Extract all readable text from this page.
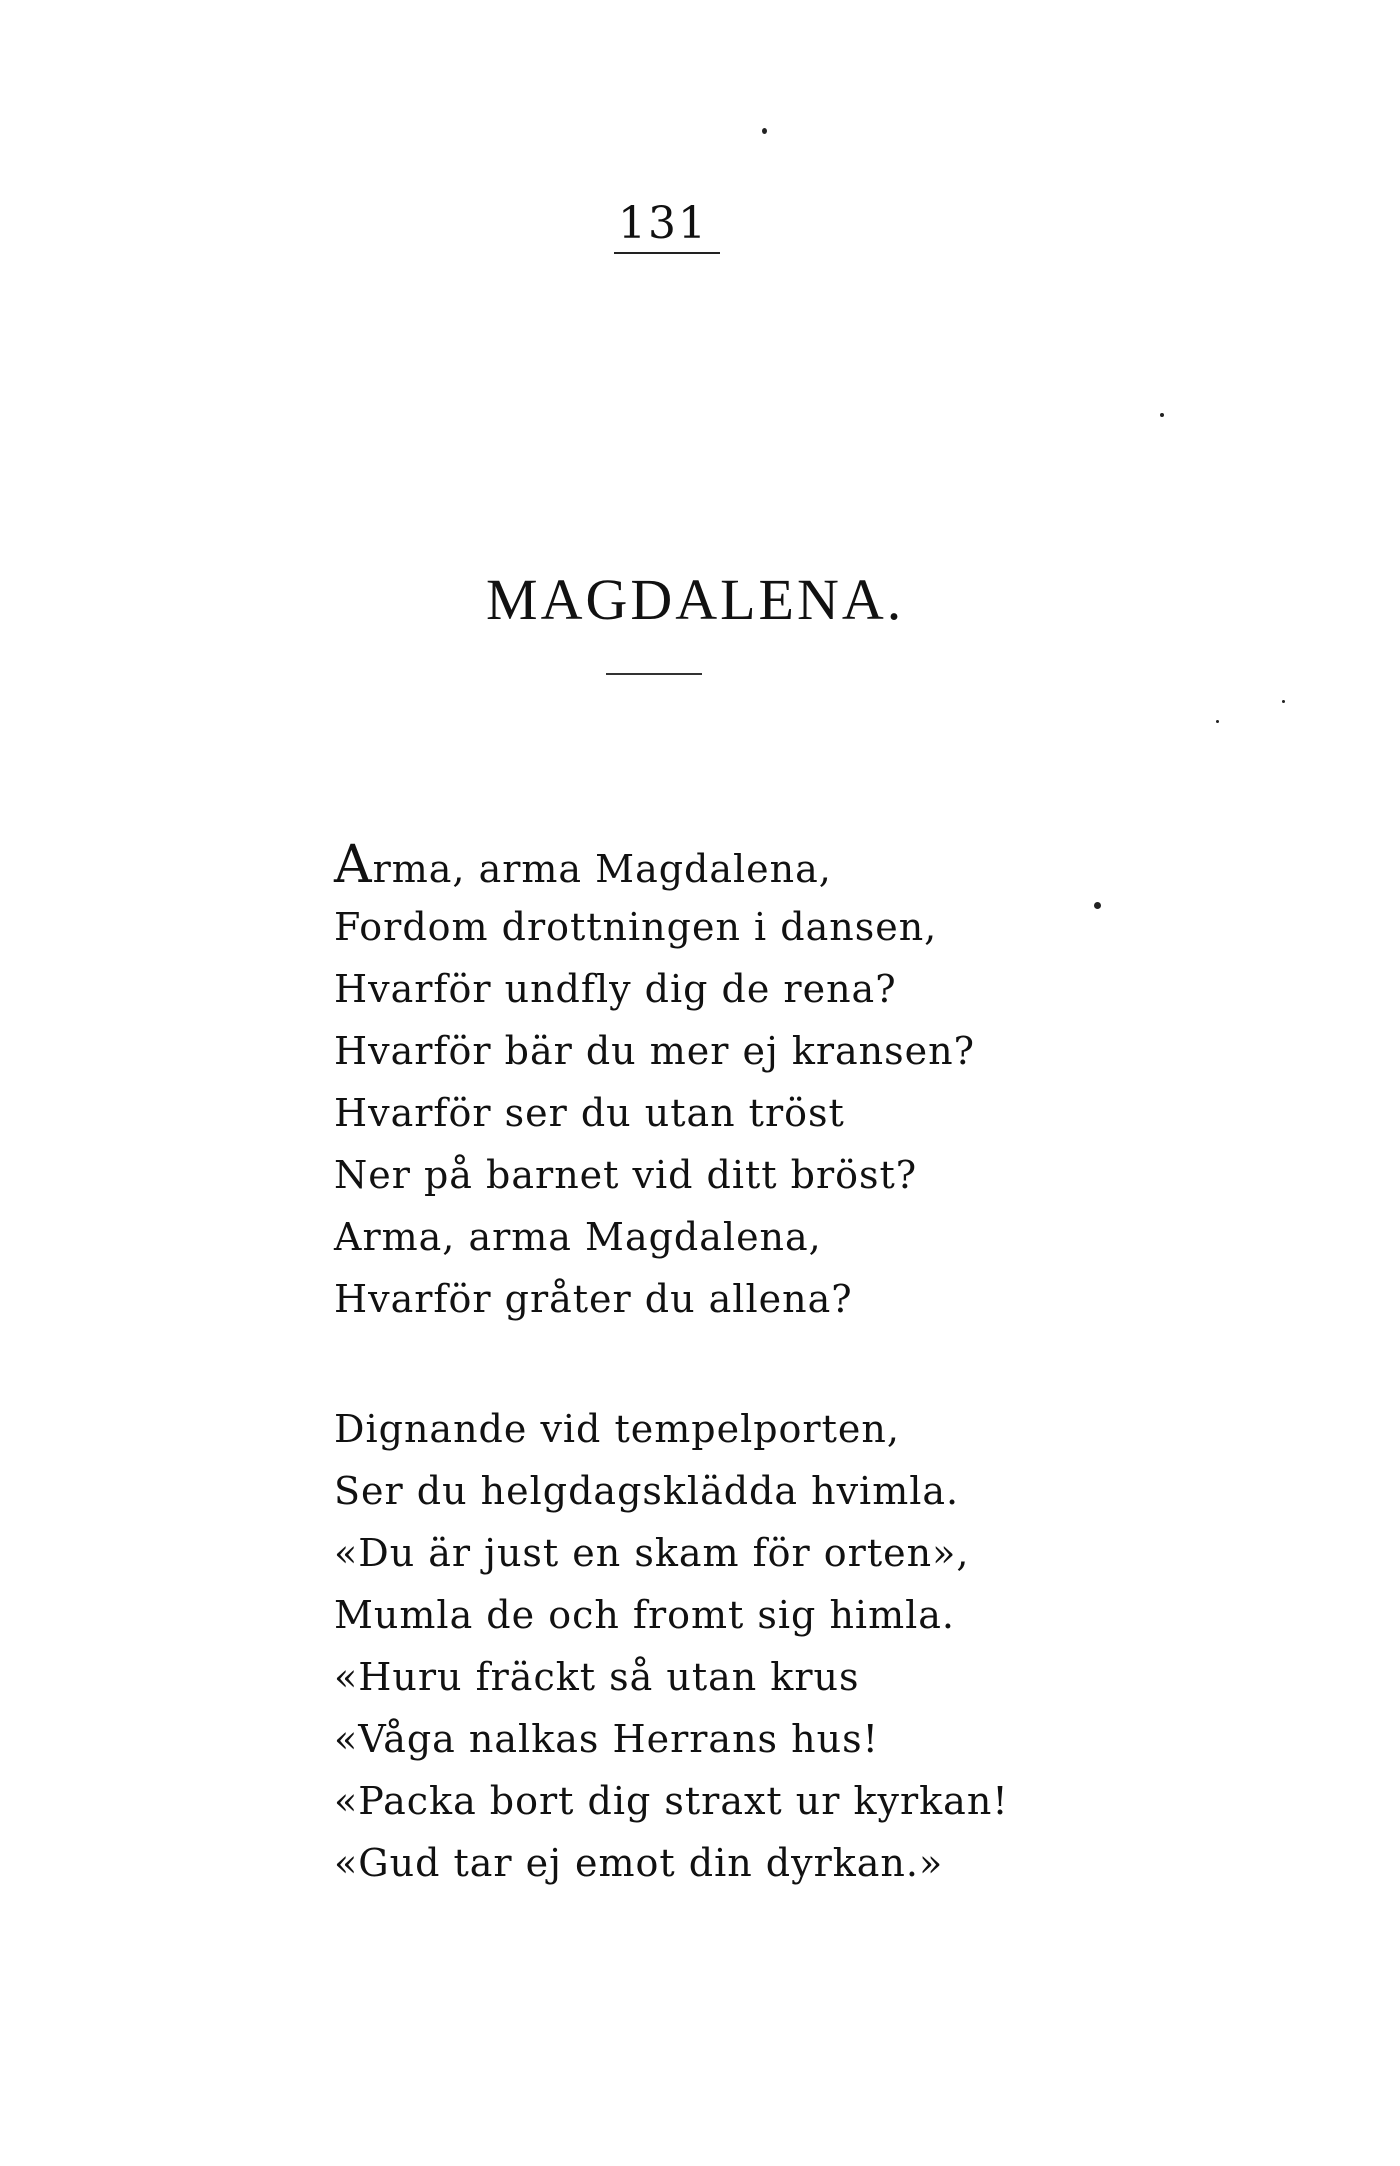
131
MAGDALENA.
Arma, arma Magdalena,
Fordom drottningen i dansen,
Hvarför undfly dig de rena?
Hvarför bär du mer ej kransen?
Hvarför ser du utan tröst
Ner på barnet vid ditt bröst?
Arma, arma Magdalena,
Hvarför gråter du allena?
Dignande vid tempelporten,
Ser du helgdagsklädda hvimla.
«Du är just en skam för orten»,
Mumla de och fromt sig himla.
«Huru fräckt så utan krus
«Våga nalkas Herrans hus!
«Packa bort dig straxt ur kyrkan!
«Gud tar ej emot din dyrkan.»
